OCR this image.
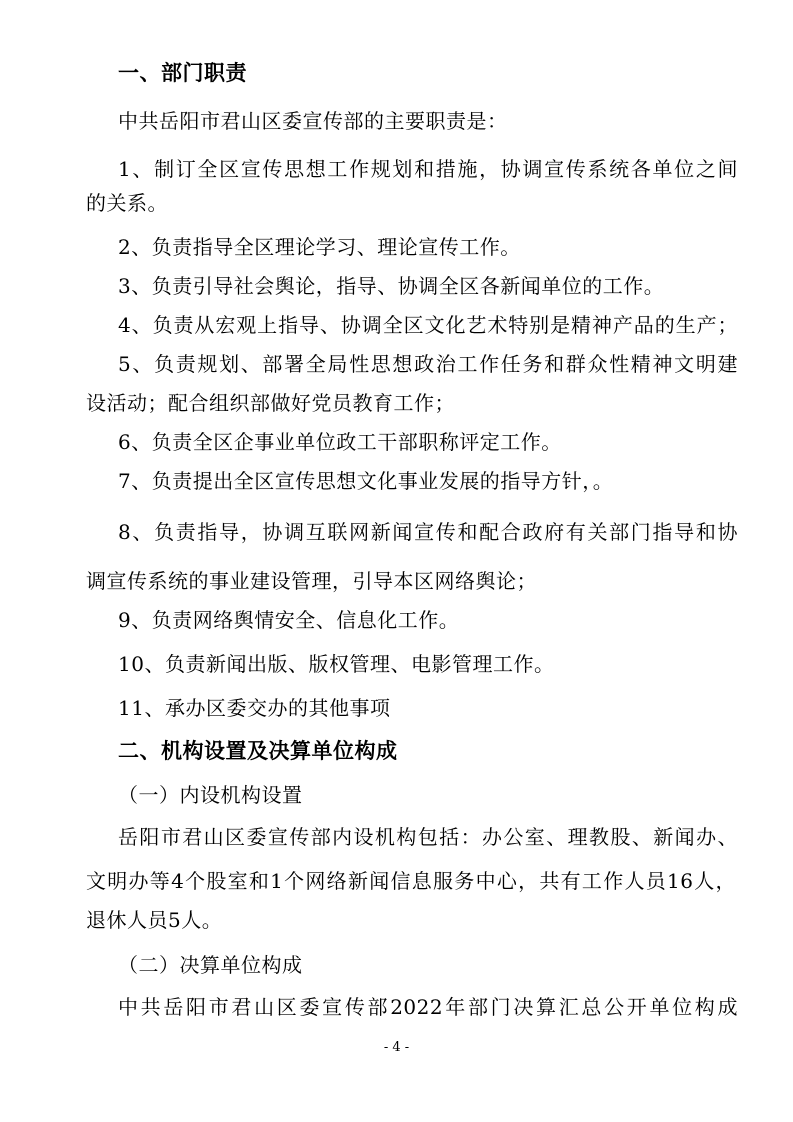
一、部门职责
中共岳阳市君山区委宣传部的主要职责是：
1、制订全区宣传思想工作规划和措施，协调宣传系统各单位之间
的关系。
2、负责指导全区理论学习、理论宣传工作。
3、负责引导社会舆论，指导、协调全区各新闻单位的工作。
4、负责从宏观上指导、协调全区文化艺术特别是精神产品的生产；
5、负责规划、部署全局性思想政治工作任务和群众性精神文明建
设活动；配合组织部做好党员教育工作；
6、负责全区企事业单位政工干部职称评定工作。
7、负责提出全区宣传思想文化事业发展的指导方针，。
8、负责指导，协调互联网新闻宣传和配合政府有关部门指导和协
调宣传系统的事业建设管理，引导本区网络舆论；
9、负责网络舆情安全、信息化工作。
10、负责新闻出版、版权管理、电影管理工作。
11、承办区委交办的其他事项
二、机构设置及决算单位构成
（一）内设机构设置
岳阳市君山区委宣传部内设机构包括：办公室、理教股、新闻办、
文明办等4个股室和1个网络新闻信息服务中心，共有工作人员16人，
退休人员5人。
（二）决算单位构成
中共岳阳市君山区委宣传部2022年部门决算汇总公开单位构成
- 4 -
